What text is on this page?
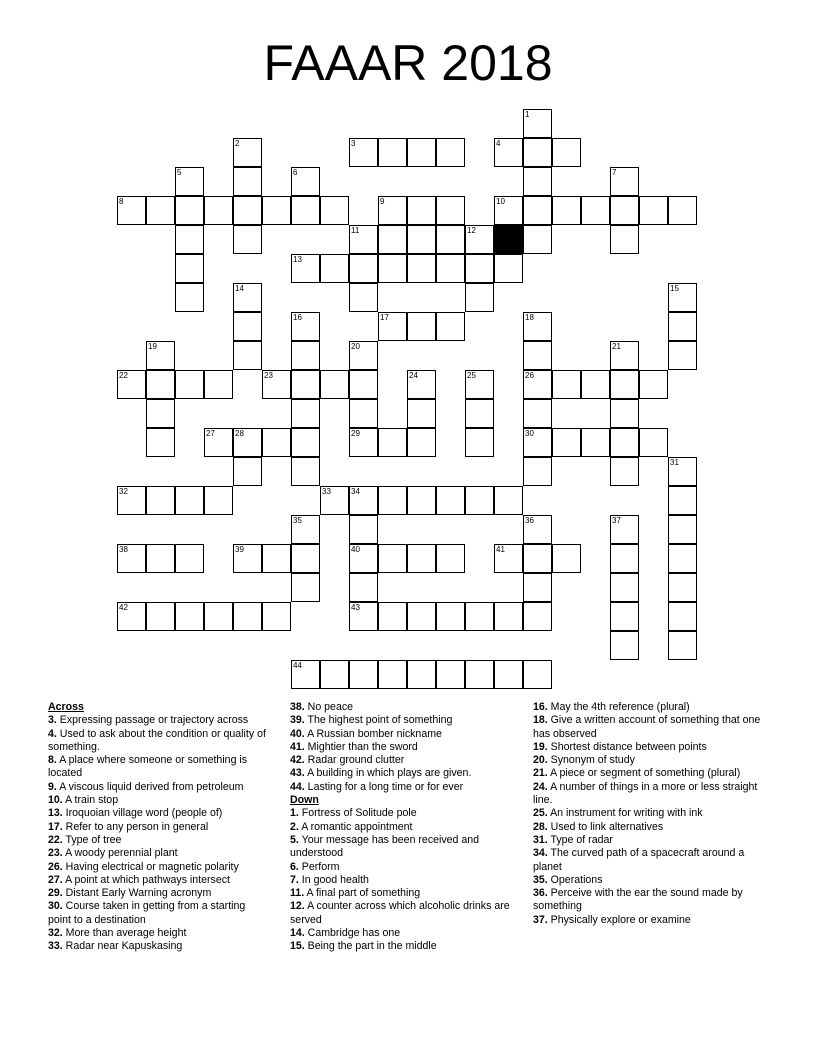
FAAAR 2018
1
2	3	4
5	6	7
8	9	10
11	12
13
14	15
16	17	18
19	20	21
22	23	24	25	26
27	28	29	30
31
32	33	34
35	36	37
38	39	40	41
42	43
44
Across
3. Expressing passage or trajectory across
4. Used to ask about the condition or quality of something.
8. A place where someone or something is located
9. A viscous liquid derived from petroleum
10. A train stop
13. Iroquoian village word (people of)
17. Refer to any person in general
22. Type of tree
23. A woody perennial plant
26. Having electrical or magnetic polarity
27. A point at which pathways intersect
29. Distant Early Warning acronym
30. Course taken in getting from a starting point to a destination
32. More than average height
33. Radar near Kapuskasing
38. No peace
39. The highest point of something
40. A Russian bomber nickname
41. Mightier than the sword
42. Radar ground clutter
43. A building in which plays are given.
44. Lasting for a long time or for ever
Down
1. Fortress of Solitude pole
2. A romantic appointment
5. Your message has been received and understood
6. Perform
7. In good health
11. A final part of something
12. A counter across which alcoholic drinks are served
14. Cambridge has one
15. Being the part in the middle
16. May the 4th reference (plural)
18. Give a written account of something that one has observed
19. Shortest distance between points
20. Synonym of study
21. A piece or segment of something (plural)
24. A number of things in a more or less straight line.
25. An instrument for writing with ink
28. Used to link alternatives
31. Type of radar
34. The curved path of a spacecraft around a planet
35. Operations
36. Perceive with the ear the sound made by something
37. Physically explore or examine
